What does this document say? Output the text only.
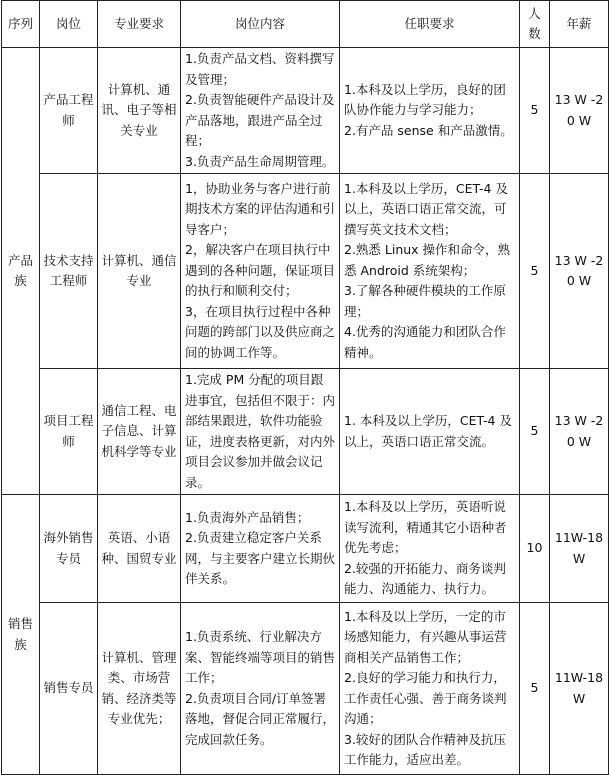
序列	岗位	专业要求	岗位内容	任职要求	人数	年薪
产品族	产品工程师	计算机、通讯、电子等相关专业	1.负责产品文档、资料撰写及管理；
2.负责智能硬件产品设计及产品落地，跟进产品全过程；
3.负责产品生命周期管理。	1.本科及以上学历，良好的团队协作能力与学习能力；
2.有产品 sense 和产品激情。	5	13 W -20 W
	技术支持工程师	计算机、通信专业	1，协助业务与客户进行前期技术方案的评估沟通和引导客户；
2，解决客户在项目执行中遇到的各种问题，保证项目的执行和顺利交付；
3，在项目执行过程中各种问题的跨部门以及供应商之间的协调工作等。	1.本科及以上学历，CET-4 及以上，英语口语正常交流，可撰写英文技术文档；
2.熟悉 Linux 操作和命令，熟悉 Android 系统架构；
3.了解各种硬件模块的工作原理；
4.优秀的沟通能力和团队合作精神。	5	13 W -20 W
	项目工程师	通信工程、电子信息、计算机科学等专业	1.完成 PM 分配的项目跟进事宜，包括但不限于：内部结果跟进，软件功能验证，进度表格更新，对内外项目会议参加并做会议记录。	1. 本科及以上学历，CET-4 及以上，英语口语正常交流。	5	13 W -20 W
销售族	海外销售专员	英语、小语种、国贸专业	1.负责海外产品销售；
2.负责建立稳定客户关系网，与主要客户建立长期伙伴关系。	1.本科及以上学历，英语听说读写流利，精通其它小语种者优先考虑；
2.较强的开拓能力、商务谈判能力、沟通能力、执行力。	10	11W-18W
	销售专员	计算机、管理类、市场营销、经济类等专业优先；	1.负责系统、行业解决方案、智能终端等项目的销售工作；
2.负责项目合同/订单签署落地，督促合同正常履行，完成回款任务。	1.本科及以上学历，一定的市场感知能力，有兴趣从事运营商相关产品销售工作；
2.良好的学习能力和执行力，工作责任心强、善于商务谈判沟通；
3.较好的团队合作精神及抗压工作能力，适应出差。	5	11W-18W
